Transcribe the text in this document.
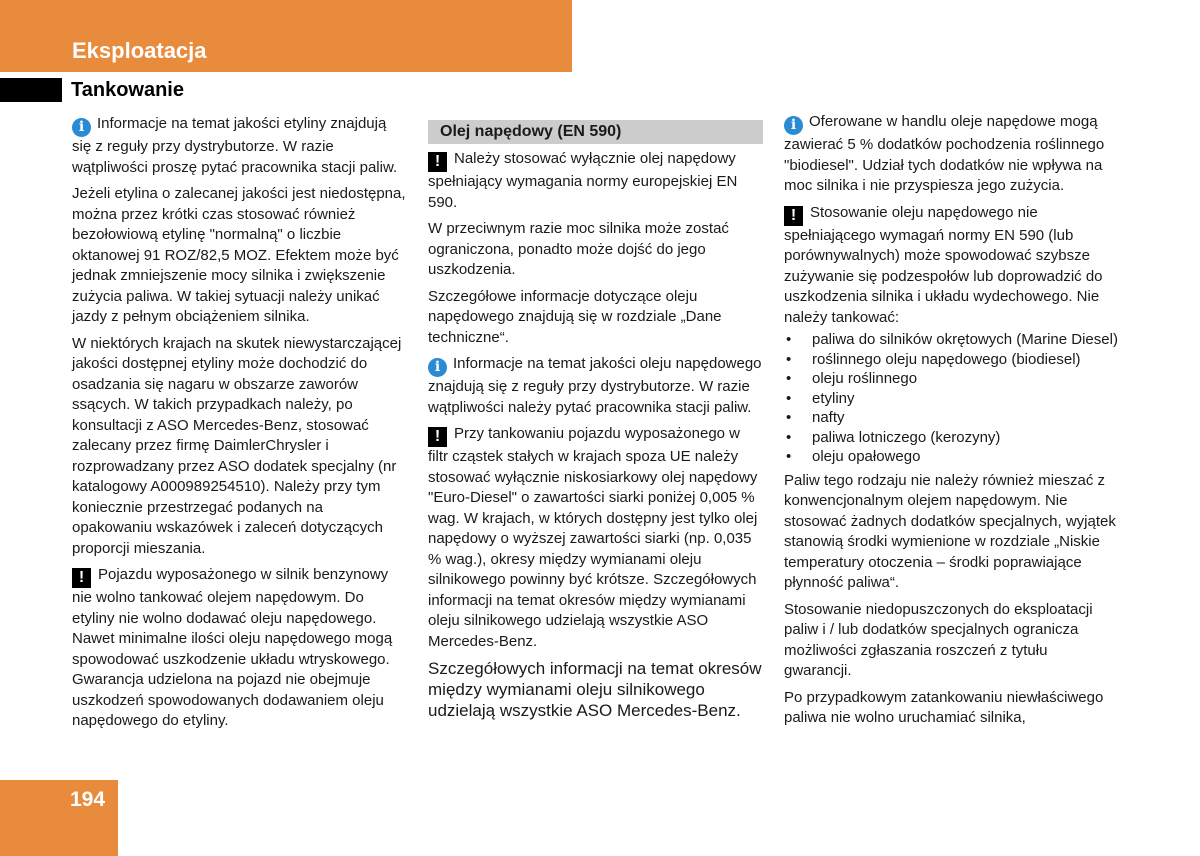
Eksploatacja
Tankowanie

i Informacje na temat jakości etyliny znajdują się z reguły przy dystrybutorze. W razie wątpliwości proszę pytać pracownika stacji paliw.

Jeżeli etylina o zalecanej jakości jest niedostępna, można przez krótki czas stosować również bezołowiową etylinę "normalną" o liczbie oktanowej 91 ROZ/82,5 MOZ. Efektem może być jednak zmniejszenie mocy silnika i zwiększenie zużycia paliwa. W takiej sytuacji należy unikać jazdy z pełnym obciążeniem silnika.

W niektórych krajach na skutek niewystarczającej jakości dostępnej etyliny może dochodzić do osadzania się nagaru w obszarze zaworów ssących. W takich przypadkach należy, po konsultacji z ASO Mercedes-Benz, stosować zalecany przez firmę DaimlerChrysler i rozprowadzany przez ASO dodatek specjalny (nr katalogowy A000989254510). Należy przy tym koniecznie przestrzegać podanych na opakowaniu wskazówek i zaleceń dotyczących proporcji mieszania.

! Pojazdu wyposażonego w silnik benzynowy nie wolno tankować olejem napędowym. Do etyliny nie wolno dodawać oleju napędowego. Nawet minimalne ilości oleju napędowego mogą spowodować uszkodzenie układu wtryskowego. Gwarancja udzielona na pojazd nie obejmuje uszkodzeń spowodowanych dodawaniem oleju napędowego do etyliny.

Olej napędowy (EN 590)

! Należy stosować wyłącznie olej napędowy spełniający wymagania normy europejskiej EN 590.

W przeciwnym razie moc silnika może zostać ograniczona, ponadto może dojść do jego uszkodzenia.

Szczegółowe informacje dotyczące oleju napędowego znajdują się w rozdziale „Dane techniczne“.

i Informacje na temat jakości oleju napędowego znajdują się z reguły przy dystrybutorze. W razie wątpliwości należy pytać pracownika stacji paliw.

! Przy tankowaniu pojazdu wyposażonego w filtr cząstek stałych w krajach spoza UE należy stosować wyłącznie niskosiarkowy olej napędowy "Euro-Diesel" o zawartości siarki poniżej 0,005 % wag. W krajach, w których dostępny jest tylko olej napędowy o wyższej zawartości siarki (np. 0,035 % wag.), okresy między wymianami oleju silnikowego powinny być krótsze. Szczegółowych informacji na temat okresów między wymianami oleju silnikowego udzielają wszystkie ASO Mercedes-Benz.

Szczegółowych informacji na temat okresów między wymianami oleju silnikowego udzielają wszystkie ASO Mercedes-Benz.

i Oferowane w handlu oleje napędowe mogą zawierać 5 % dodatków pochodzenia roślinnego "biodiesel". Udział tych dodatków nie wpływa na moc silnika i nie przyspiesza jego zużycia.

! Stosowanie oleju napędowego nie spełniającego wymagań normy EN 590 (lub porównywalnych) może spowodować szybsze zużywanie się podzespołów lub doprowadzić do uszkodzenia silnika i układu wydechowego. Nie należy tankować:

• paliwa do silników okrętowych (Marine Diesel)
• roślinnego oleju napędowego (biodiesel)
• oleju roślinnego
• etyliny
• nafty
• paliwa lotniczego (kerozyny)
• oleju opałowego

Paliw tego rodzaju nie należy również mieszać z konwencjonalnym olejem napędowym. Nie stosować żadnych dodatków specjalnych, wyjątek stanowią środki wymienione w rozdziale „Niskie temperatury otoczenia – środki poprawiające płynność paliwa“.

Stosowanie niedopuszczonych do eksploatacji paliw i / lub dodatków specjalnych ogranicza możliwości zgłaszania roszczeń z tytułu gwarancji.

Po przypadkowym zatankowaniu niewłaściwego paliwa nie wolno uruchamiać silnika,

194
